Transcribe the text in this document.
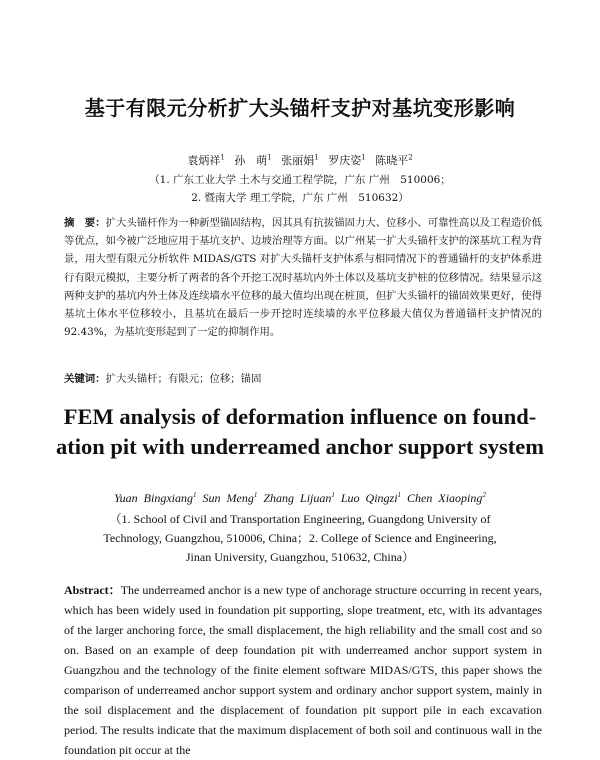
基于有限元分析扩大头锚杆支护对基坑变形影响
袁炳祥$^1$ 孙　萌$^1$ 张丽娟$^1$ 罗庆姿$^1$ 陈晓平$^2$
（1. 广东工业大学 土木与交通工程学院，广东 广州　510006；
2. 暨南大学 理工学院，广东 广州　510632）
摘　要：扩大头锚杆作为一种新型锚固结构，因其具有抗拔锚固力大、位移小、可靠性高以及工程造价低等优点，如今被广泛地应用于基坑支护、边坡治理等方面。以广州某一扩大头锚杆支护的深基坑工程为背景，用大型有限元分析软件 MIDAS/GTS 对扩大头锚杆支护体系与相同情况下的普通锚杆的支护体系进行有限元模拟，主要分析了两者的各个开挖工况时基坑内外土体以及基坑支护桩的位移情况。结果显示这两种支护的基坑内外土体及连续墙水平位移的最大值均出现在桩顶，但扩大头锚杆的锚固效果更好，使得基坑土体水平位移较小，且基坑在最后一步开挖时连续墙的水平位移最大值仅为普通锚杆支护情况的 92.43%，为基坑变形起到了一定的抑制作用。
关键词：扩大头锚杆；有限元；位移；锚固
FEM analysis of deformation influence on found-
ation pit with underreamed anchor support system
Yuan Bingxiang$^1$ Sun Meng$^1$ Zhang Lijuan$^1$ Luo Qingzi$^1$ Chen Xiaoping$^2$
（1. School of Civil and Transportation Engineering, Guangdong University of
Technology, Guangzhou, 510006, China；2. College of Science and Engineering,
Jinan University, Guangzhou, 510632, China）
Abstract：The underreamed anchor is a new type of anchorage structure occurring in recent years, which has been widely used in foundation pit supporting, slope treatment, etc, with its advantages of the larger anchoring force, the small displacement, the high reliability and the small cost and so on. Based on an example of deep foundation pit with underreamed anchor support system in Guangzhou and the technology of the finite element software MIDAS/GTS, this paper shows the comparison of underreamed anchor support system and ordinary anchor support system, mainly in the soil displacement and the displacement of foundation pit support pile in each excavation period. The results indicate that the maximum displacement of both soil and continuous wall in the foundation pit occur at the
